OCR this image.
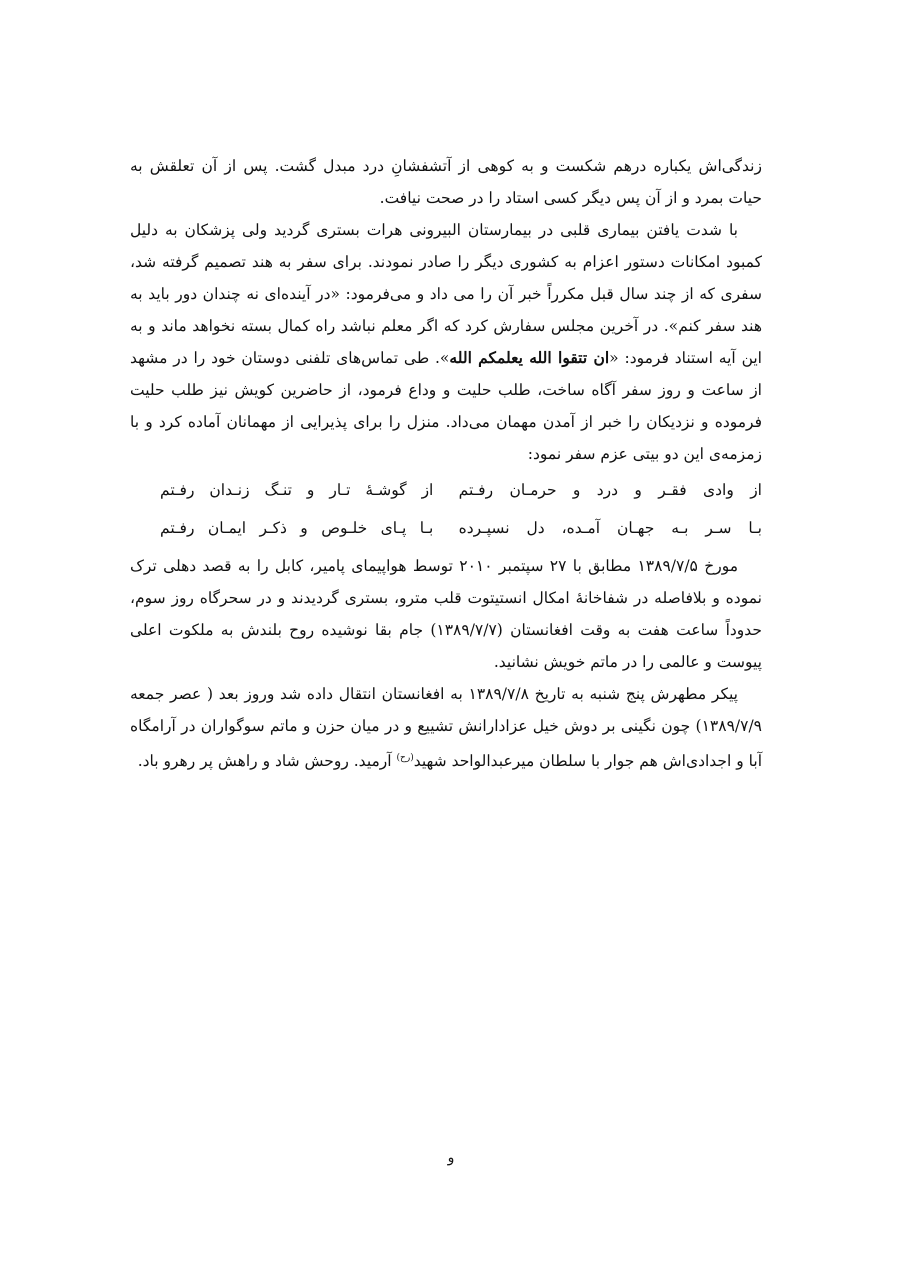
زندگی‌اش یکباره درهم شکست و به کوهی از آتشفشانِ درد مبدل گشت. پس از آن تعلقش به حیات بمرد و از آن پس دیگر کسی استاد را در صحت نیافت.

با شدت یافتن بیماری قلبی در بیمارستان البیرونی هرات بستری گردید ولی پزشکان به دلیل کمبود امکانات دستور اعزام به کشوری دیگر را صادر نمودند. برای سفر به هند تصمیم گرفته شد، سفری که از چند سال قبل مکرراً خبر آن را می داد و می‌فرمود: «در آینده‌ای نه چندان دور باید به هند سفر کنم». در آخرین مجلس سفارش کرد که اگر معلم نباشد راه کمال بسته نخواهد ماند و به این آیه استناد فرمود: «ان تتقوا الله یعلمکم الله». طی تماس‌های تلفنی دوستان خود را در مشهد از ساعت و روز سفر آگاه ساخت، طلب حلیت و وداع فرمود، از حاضرین کویش نیز طلب حلیت فرموده و نزدیکان را خبر از آمدن مهمان می‌داد. منزل را برای پذیرایی از مهمانان آماده کرد و با زمزمه‌ی این دو بیتی عزم سفر نمود:

از وادی فقـر و درد و حرمـان رفـتم
از گوشـهٔ تـار و تنـگ زنـدان رفـتم
بـا سـر بـه جهـان آمـده، دل نسپـرده
بـا پـای خلـوص و ذکـر ایمـان رفـتم

مورخ ۱۳۸۹/۷/۵ مطابق با ۲۷ سپتمبر ۲۰۱۰ توسط هواپیمای پامیر، کابل را به قصد دهلی ترک نموده و بلافاصله در شفاخانهٔ امکال انستیتوت قلب مترو، بستری گردیدند و در سحرگاه روز سوم، حدوداً ساعت هفت به وقت افغانستان (۱۳۸۹/۷/۷) جام بقا نوشیده روح بلندش به ملکوت اعلی پیوست و عالمی را در ماتم خویش نشانید.

پیکر مطهرش پنج شنبه به تاریخ ۱۳۸۹/۷/۸ به افغانستان انتقال داده شد وروز بعد ( عصر جمعه ۱۳۸۹/۷/۹) چون نگینی بر دوش خیل عزادارانش تشییع و در میان حزن و ماتم سوگواران در آرامگاه آبا و اجدادی‌اش هم جوار با سلطان میرعبدالواحد شهید$^{(رح)}$ آرمید. روحش شاد و راهش پر رهرو باد.

و
